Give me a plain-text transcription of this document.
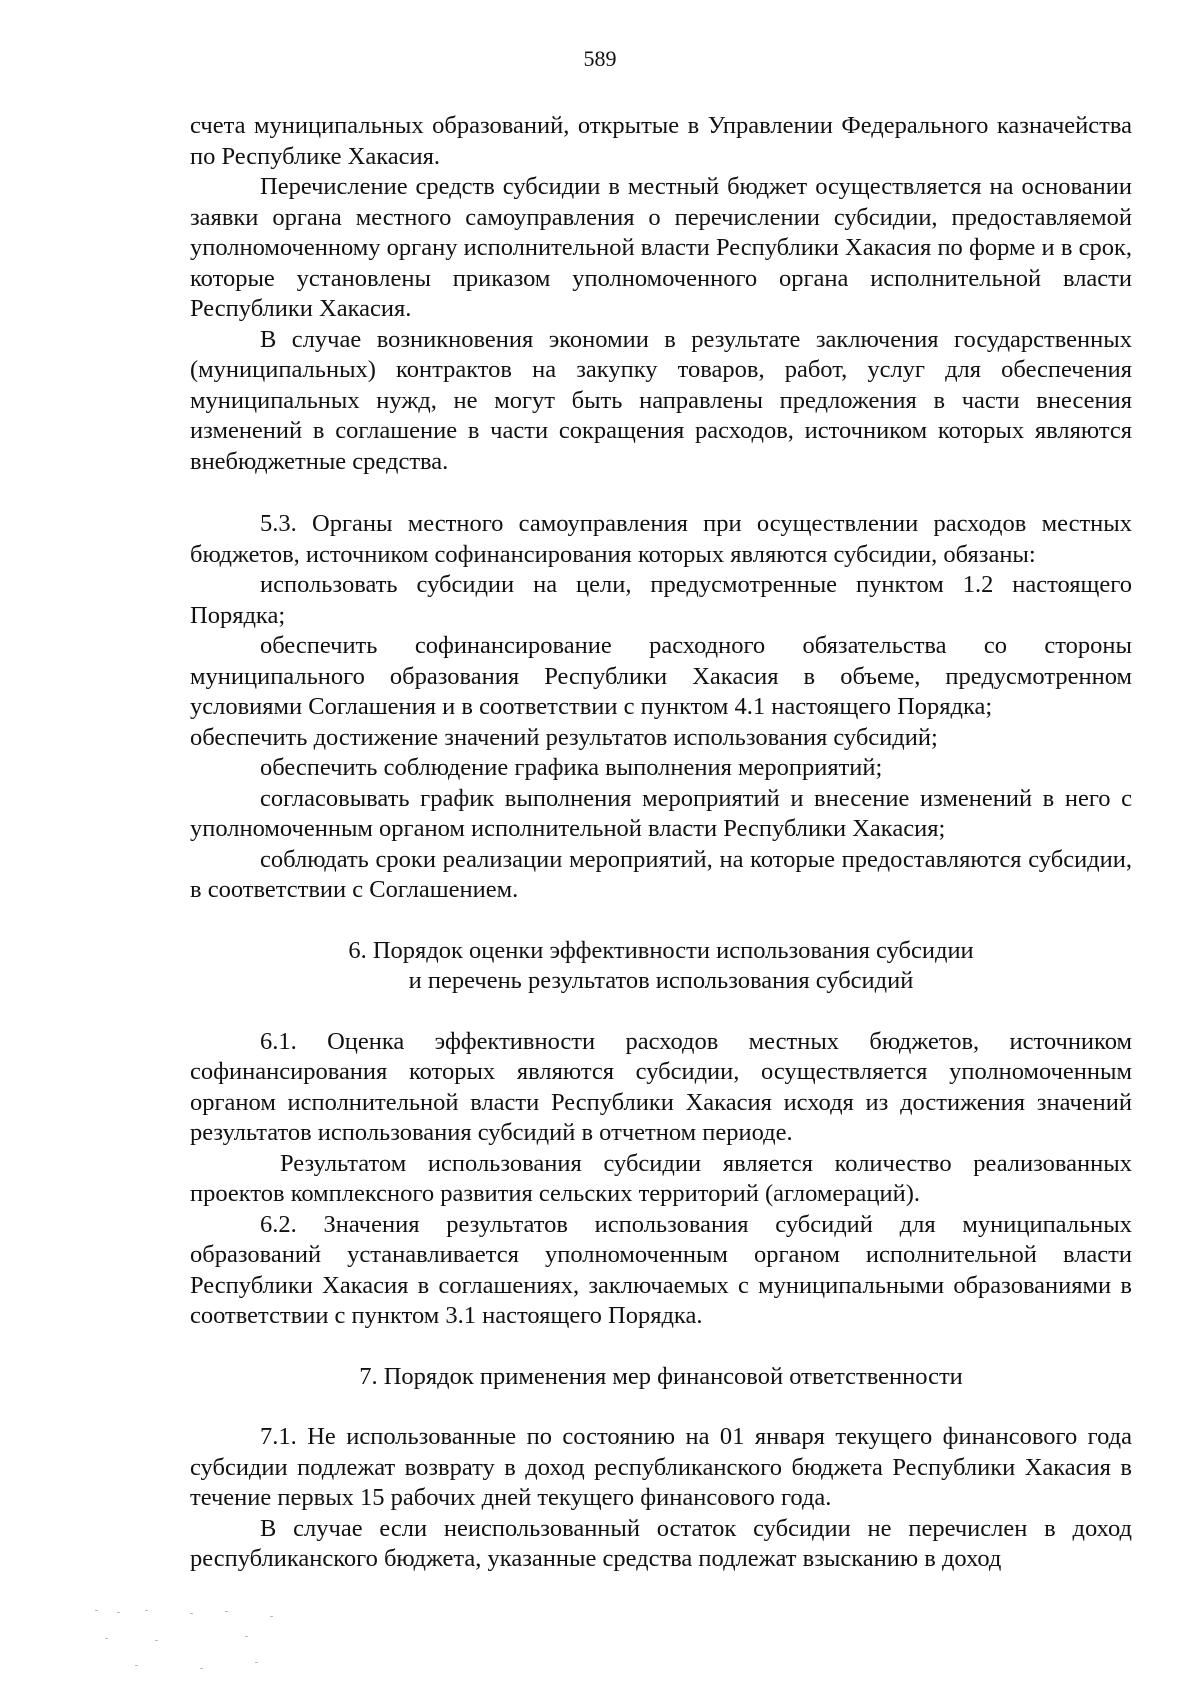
589

счета муниципальных образований, открытые в Управлении Федерального казначейства по Республике Хакасия.

Перечисление средств субсидии в местный бюджет осуществляется на основании заявки органа местного самоуправления о перечислении субсидии, предоставляемой уполномоченному органу исполнительной власти Республики Хакасия по форме и в срок, которые установлены приказом уполномоченного органа исполнительной власти Республики Хакасия.

В случае возникновения экономии в результате заключения государственных (муниципальных) контрактов на закупку товаров, работ, услуг для обеспечения муниципальных нужд, не могут быть направлены предложения в части внесения изменений в соглашение в части сокращения расходов, источником которых являются внебюджетные средства.

5.3. Органы местного самоуправления при осуществлении расходов местных бюджетов, источником софинансирования которых являются субсидии, обязаны:

использовать субсидии на цели, предусмотренные пунктом 1.2 настоящего Порядка;

обеспечить софинансирование расходного обязательства со стороны муниципального образования Республики Хакасия в объеме, предусмотренном условиями Соглашения и в соответствии с пунктом 4.1 настоящего Порядка;

обеспечить достижение значений результатов использования субсидий;

обеспечить соблюдение графика выполнения мероприятий;

согласовывать график выполнения мероприятий и внесение изменений в него с уполномоченным органом исполнительной власти Республики Хакасия;

соблюдать сроки реализации мероприятий, на которые предоставляются субсидии, в соответствии с Соглашением.

6. Порядок оценки эффективности использования субсидии

и перечень результатов использования субсидий

6.1. Оценка эффективности расходов местных бюджетов, источником софинансирования которых являются субсидии, осуществляется уполномоченным органом исполнительной власти Республики Хакасия исходя из достижения значений результатов использования субсидий в отчетном периоде.

Результатом использования субсидии является количество реализованных проектов комплексного развития сельских территорий (агломераций).

6.2. Значения результатов использования субсидий для муниципальных образований устанавливается уполномоченным органом исполнительной власти Республики Хакасия в соглашениях, заключаемых с муниципальными образованиями в соответствии с пунктом 3.1 настоящего Порядка.

7. Порядок применения мер финансовой ответственности

7.1. Не использованные по состоянию на 01 января текущего финансового года субсидии подлежат возврату в доход республиканского бюджета Республики Хакасия в течение первых 15 рабочих дней текущего финансового года.

В случае если неиспользованный остаток субсидии не перечислен в доход республиканского бюджета, указанные средства подлежат взысканию в доход
